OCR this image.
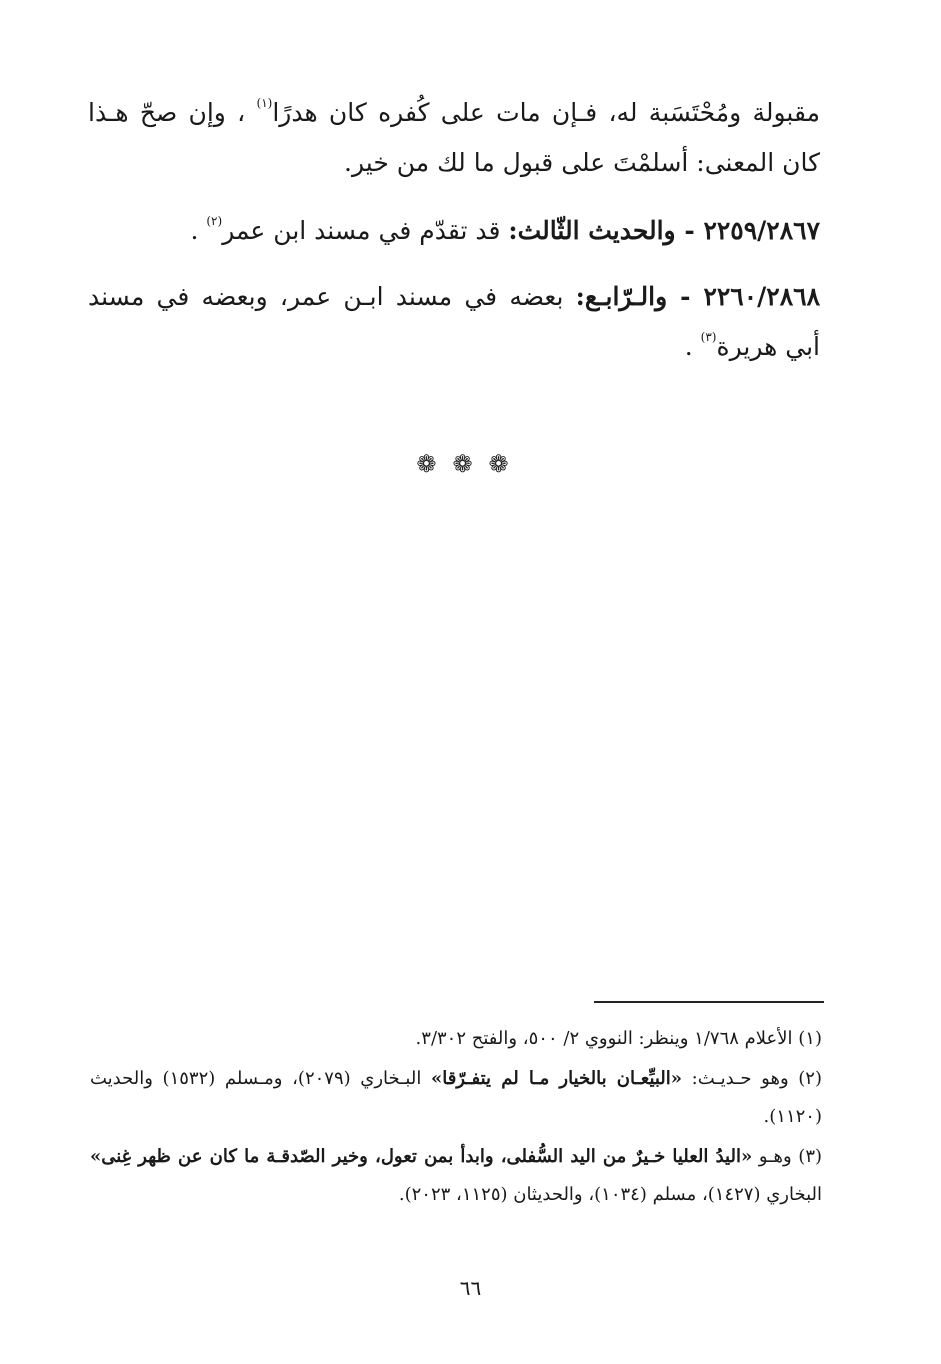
مقبولة ومُحْتَسَبة له، فـإن مات على كُفره كان هدرًا$^{(١)}$ ، وإن صحّ هـذا كان المعنى: أسلمْتَ على قبول ما لك من خير.

٢٢٥٩/٢٨٦٧ - والحديث الثّالث: قد تقدّم في مسند ابن عمر$^{(٢)}$ .

٢٢٦٠/٢٨٦٨ - والـرّابـع: بعضه في مسند ابـن عمر، وبعضه في مسند أبي هريرة$^{(٣)}$ .

❁❁❁

(١) الأعلام ١/٧٦٨ وينظر: النووي ٢/ ٥٠٠، والفتح ٣/٣٠٢.

(٢) وهو حـديـث: «البيِّعـان بالخيار مـا لم يتفـرّقا» البـخاري (٢٠٧٩)، ومـسلم (١٥٣٢) والحديث (١١٢٠).

(٣) وهـو «اليدُ العليا خـيرٌ من اليد السُّفلى، وابدأ بمن تعول، وخير الصّدقـة ما كان عن ظهر غِنى» البخاري (١٤٢٧)، مسلم (١٠٣٤)، والحديثان (١١٢٥، ٢٠٢٣).

٦٦
